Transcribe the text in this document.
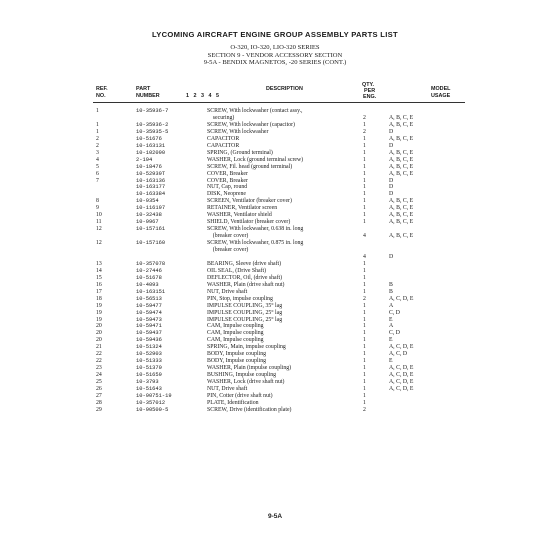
LYCOMING AIRCRAFT ENGINE GROUP ASSEMBLY PARTS LIST
O-320, IO-320, LIO-320 SERIES
SECTION 9 - VENDOR ACCESSORY SECTION
9-5A - BENDIX MAGNETOS, -20 SERIES (CONT.)
REF.
NO.
PART
NUMBER	1   2   3   4   5
DESCRIPTION
QTY.
PER
ENG.
MODEL
USAGE
1	10-35936-7	SCREW, With lockwasher (contact assy.,
securing)	2	A, B, C, E
1	10-35936-2	SCREW, With lockwasher (capacitor)	1	A, B, C, E
1	10-35935-5	SCREW, With lockwasher	2	D
2	10-51676	CAPACITOR	1	A, B, C, E
2	10-163131	CAPACITOR	1	D
3	10-102090	SPRING, (Ground terminal)	1	A, B, C, E
4	2-194	WASHER, Lock (ground terminal screw)	1	A, B, C, E
5	10-18476	SCREW, Fil. head (ground terminal)	1	A, B, C, E
6	10-52939T	COVER, Breaker	1	A, B, C, E
7	10-163136	COVER, Breaker	1	D
10-163177	NUT, Cap, round	1	D
10-163384	DISK, Neoprene	1	D
8	10-9354	SCREEN, Ventilator (breaker cover)	1	A, B, C, E
9	10-116197	RETAINER, Ventilator screen	1	A, B, C, E
10	10-32438	WASHER, Ventilator shield	1	A, B, C, E
11	10-9967	SHIELD, Ventilator (breaker cover)	1	A, B, C, E
12	10-157161	SCREW, With lockwasher, 0.638 in. long
(breaker cover)	4	A, B, C, E
12	10-157160	SCREW, With lockwasher, 0.875 in. long
(breaker cover)
4	D
13	10-357078	BEARING, Sleeve (drive shaft)	1
14	10-27446	OIL SEAL, (Drive Shaft)	1
15	10-51678	DEFLECTOR, Oil, (drive shaft)	1
16	10-4093	WASHER, Plain (drive shaft nut)	1	B
17	10-163151	NUT, Drive shaft	1	B
18	10-56513	PIN, Stop, impulse coupling	2	A, C, D, E
19	10-59477	IMPULSE COUPLING, 35° lag	1	A
19	10-59474	IMPULSE COUPLING, 25° lag	1	C, D
19	10-59473	IMPULSE COUPLING, 25° lag	1	E
20	10-59471	CAM, Impulse coupling	1	A
20	10-59437	CAM, Impulse coupling	1	C, D
20	10-59436	CAM, Impulse coupling	1	E
21	10-51324	SPRING, Main, impulse coupling	1	A, C, D, E
22	10-52903	BODY, Impulse coupling	1	A, C, D
22	10-51333	BODY, Impulse coupling	1	E
23	10-51370	WASHER, Plain (impulse coupling)	1	A, C, D, E
24	10-51659	BUSHING, Impulse coupling	1	A, C, D, E
25	10-3793	WASHER, Lock (drive shaft nut)	1	A, C, D, E
26	10-51643	NUT, Drive shaft	1	A, C, D, E
27	10-90751-19	PIN, Cotter (drive shaft nut)	1
28	10-357012	PLATE, Identification	1
29	10-90500-5	SCREW, Drive (identification plate)	2
9-5A
